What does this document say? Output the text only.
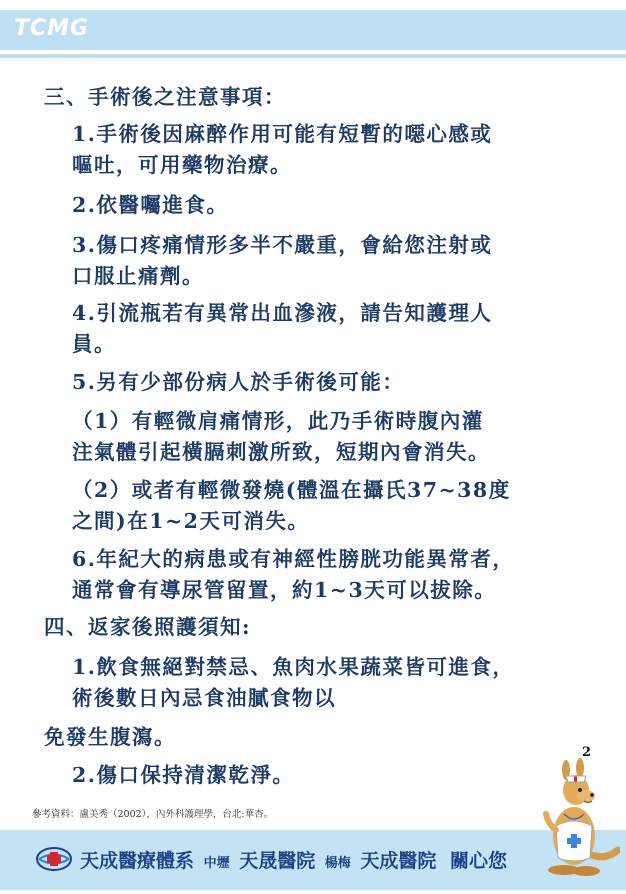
TCMG
三、手術後之注意事項：
1.手術後因麻醉作用可能有短暫的噁心感或
嘔吐，可用藥物治療。
2.依醫囑進食。
3.傷口疼痛情形多半不嚴重，會給您注射或
口服止痛劑。
4.引流瓶若有異常出血滲液，請告知護理人
員。
5.另有少部份病人於手術後可能：
（1）有輕微肩痛情形，此乃手術時腹內灌
注氣體引起橫膈刺激所致，短期內會消失。
（2）或者有輕微發燒(體溫在攝氏37~38度
之間)在1~2天可消失。
6.年紀大的病患或有神經性膀胱功能異常者，
通常會有導尿管留置，約1~3天可以拔除。
四、返家後照護須知:
1.飲食無絕對禁忌、魚肉水果蔬菜皆可進食，
術後數日內忌食油膩食物以
免發生腹瀉。
2.傷口保持清潔乾淨。
2
參考資料：盧美秀（2002），內外科護理學，台北:華杏。
天成醫療體系 中壢 天晟醫院 楊梅 天成醫院 關心您
